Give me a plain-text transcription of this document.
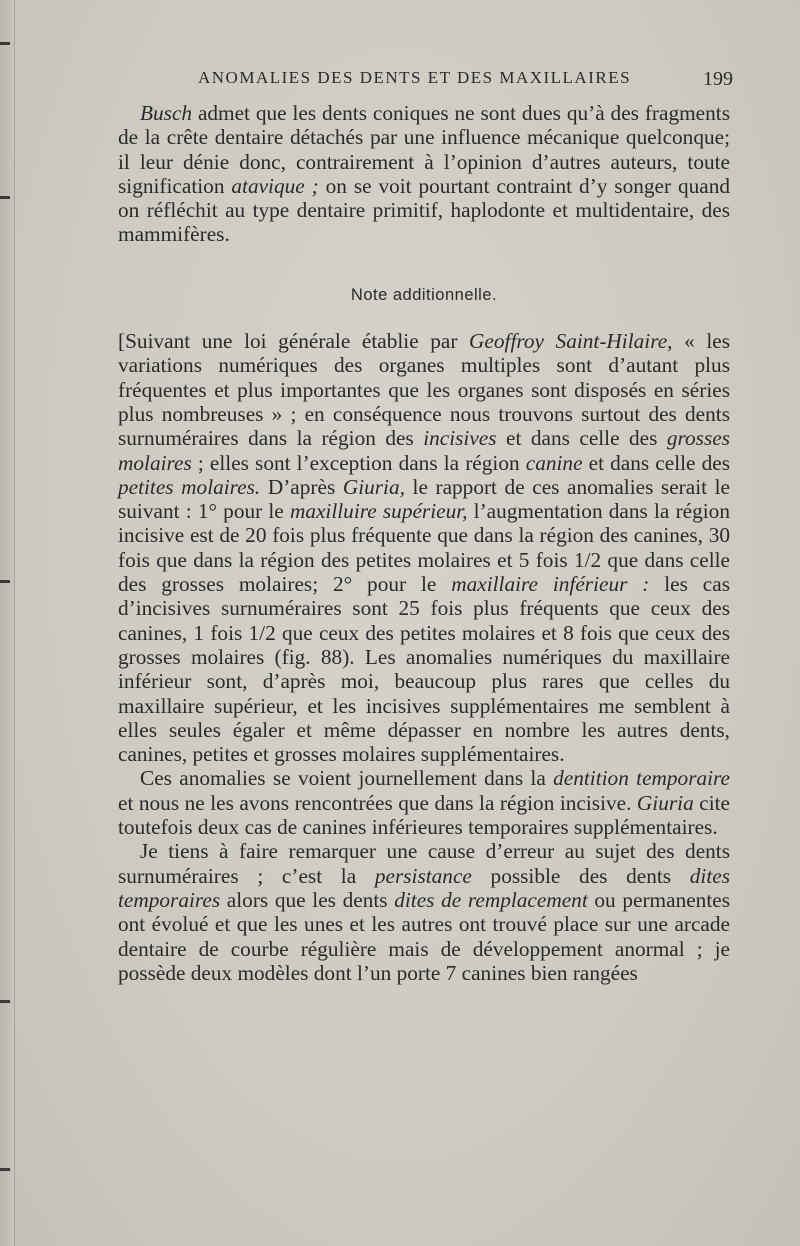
ANOMALIES DES DENTS ET DES MAXILLAIRES	199

Busch admet que les dents coniques ne sont dues qu’à des fragments de la crête dentaire détachés par une influence mécanique quelconque; il leur dénie donc, contrairement à l’opinion d’autres auteurs, toute signification atavique ; on se voit pourtant contraint d’y songer quand on réfléchit au type dentaire primitif, haplodonte et multidentaire, des mammifères.

Note additionnelle.

[Suivant une loi générale établie par Geoffroy Saint-Hilaire, « les variations numériques des organes multiples sont d’autant plus fréquentes et plus importantes que les organes sont disposés en séries plus nombreuses » ; en conséquence nous trouvons surtout des dents surnuméraires dans la région des incisives et dans celle des grosses molaires ; elles sont l’exception dans la région canine et dans celle des petites molaires. D’après Giuria, le rapport de ces anomalies serait le suivant : 1° pour le maxilluire supérieur, l’augmentation dans la région incisive est de 20 fois plus fréquente que dans la région des canines, 30 fois que dans la région des petites molaires et 5 fois 1/2 que dans celle des grosses molaires; 2° pour le maxillaire inférieur : les cas d’incisives surnuméraires sont 25 fois plus fréquents que ceux des canines, 1 fois 1/2 que ceux des petites molaires et 8 fois que ceux des grosses molaires (fig. 88). Les anomalies numériques du maxillaire inférieur sont, d’après moi, beaucoup plus rares que celles du maxillaire supérieur, et les incisives supplémentaires me semblent à elles seules égaler et même dépasser en nombre les autres dents, canines, petites et grosses molaires supplémentaires.

Ces anomalies se voient journellement dans la dentition temporaire et nous ne les avons rencontrées que dans la région incisive. Giuria cite toutefois deux cas de canines inférieures temporaires supplémentaires.

Je tiens à faire remarquer une cause d’erreur au sujet des dents surnuméraires ; c’est la persistance possible des dents dites temporaires alors que les dents dites de remplacement ou permanentes ont évolué et que les unes et les autres ont trouvé place sur une arcade dentaire de courbe régulière mais de développement anormal ; je possède deux modèles dont l’un porte 7 canines bien rangées
